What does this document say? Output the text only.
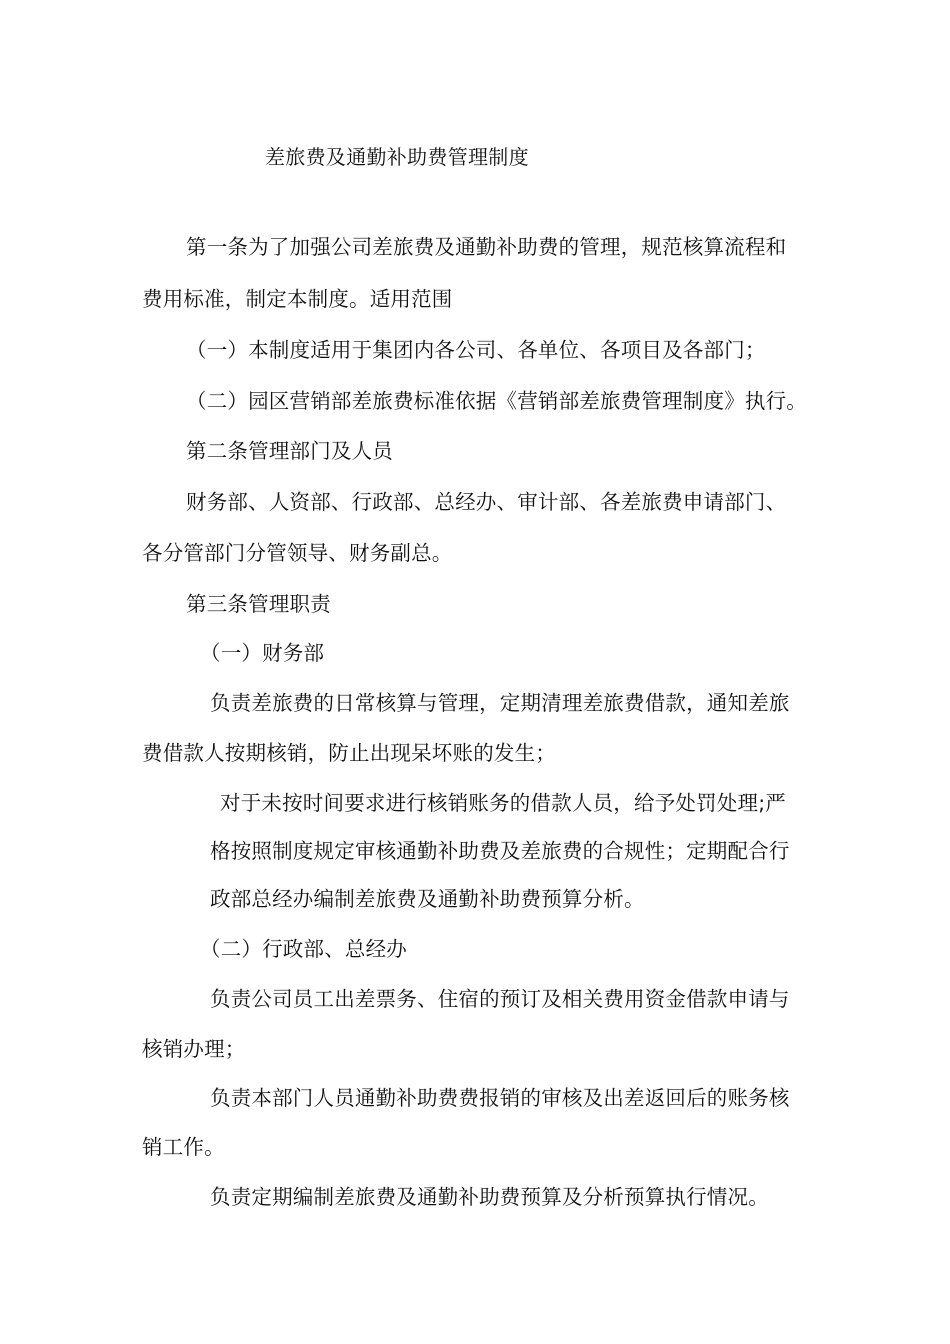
差旅费及通勤补助费管理制度
第一条为了加强公司差旅费及通勤补助费的管理，规范核算流程和
费用标准，制定本制度。适用范围
（一）本制度适用于集团内各公司、各单位、各项目及各部门；
（二）园区营销部差旅费标准依据《营销部差旅费管理制度》执行。
第二条管理部门及人员
财务部、人资部、行政部、总经办、审计部、各差旅费申请部门、
各分管部门分管领导、财务副总。
第三条管理职责
（一）财务部
负责差旅费的日常核算与管理，定期清理差旅费借款，通知差旅
费借款人按期核销，防止出现呆坏账的发生；
对于未按时间要求进行核销账务的借款人员，给予处罚处理;严
格按照制度规定审核通勤补助费及差旅费的合规性；定期配合行
政部总经办编制差旅费及通勤补助费预算分析。
（二）行政部、总经办
负责公司员工出差票务、住宿的预订及相关费用资金借款申请与
核销办理；
负责本部门人员通勤补助费费报销的审核及出差返回后的账务核
销工作。
负责定期编制差旅费及通勤补助费预算及分析预算执行情况。
